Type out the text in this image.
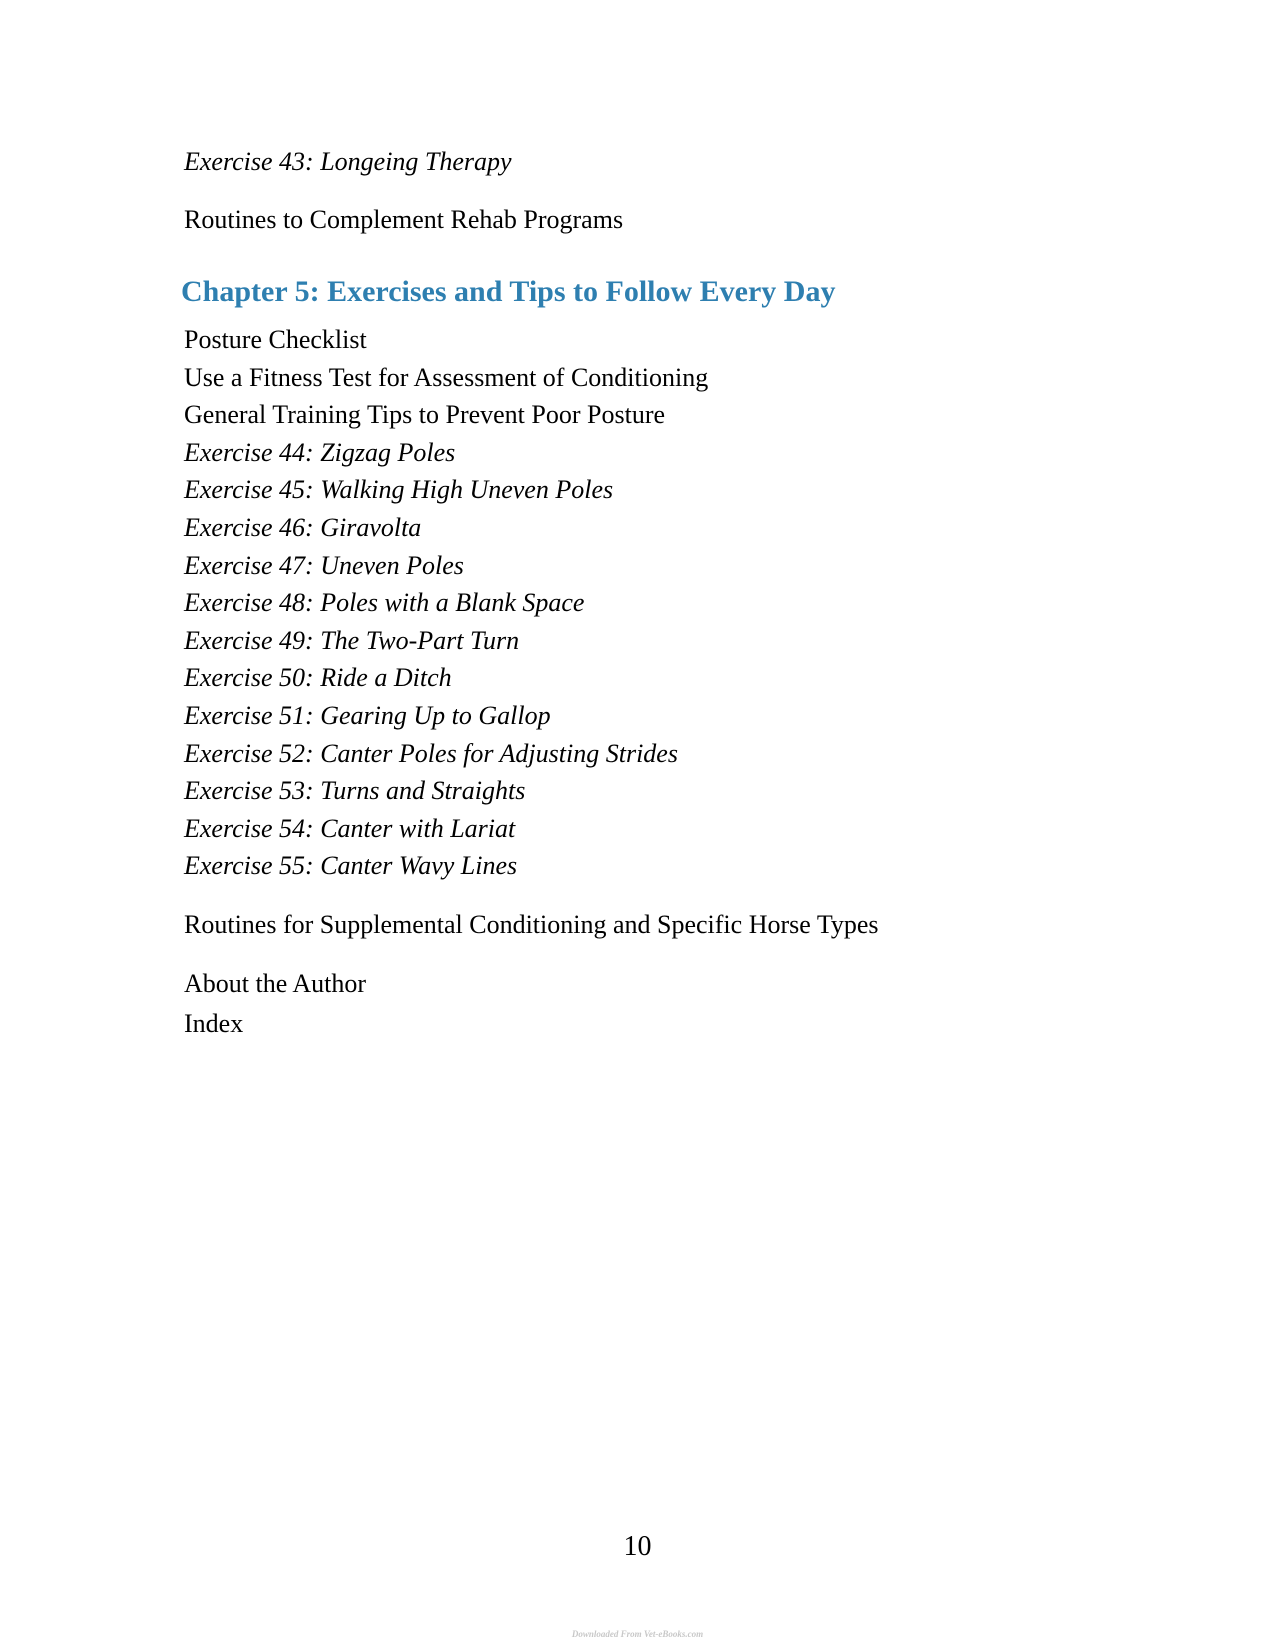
Exercise 43: Longeing Therapy

Routines to Complement Rehab Programs

Chapter 5: Exercises and Tips to Follow Every Day

Posture Checklist

Use a Fitness Test for Assessment of Conditioning

General Training Tips to Prevent Poor Posture

Exercise 44: Zigzag Poles

Exercise 45: Walking High Uneven Poles

Exercise 46: Giravolta

Exercise 47: Uneven Poles

Exercise 48: Poles with a Blank Space

Exercise 49: The Two-Part Turn

Exercise 50: Ride a Ditch

Exercise 51: Gearing Up to Gallop

Exercise 52: Canter Poles for Adjusting Strides

Exercise 53: Turns and Straights

Exercise 54: Canter with Lariat

Exercise 55: Canter Wavy Lines

Routines for Supplemental Conditioning and Specific Horse Types

About the Author

Index

10
Downloaded From Vet-eBooks.com
